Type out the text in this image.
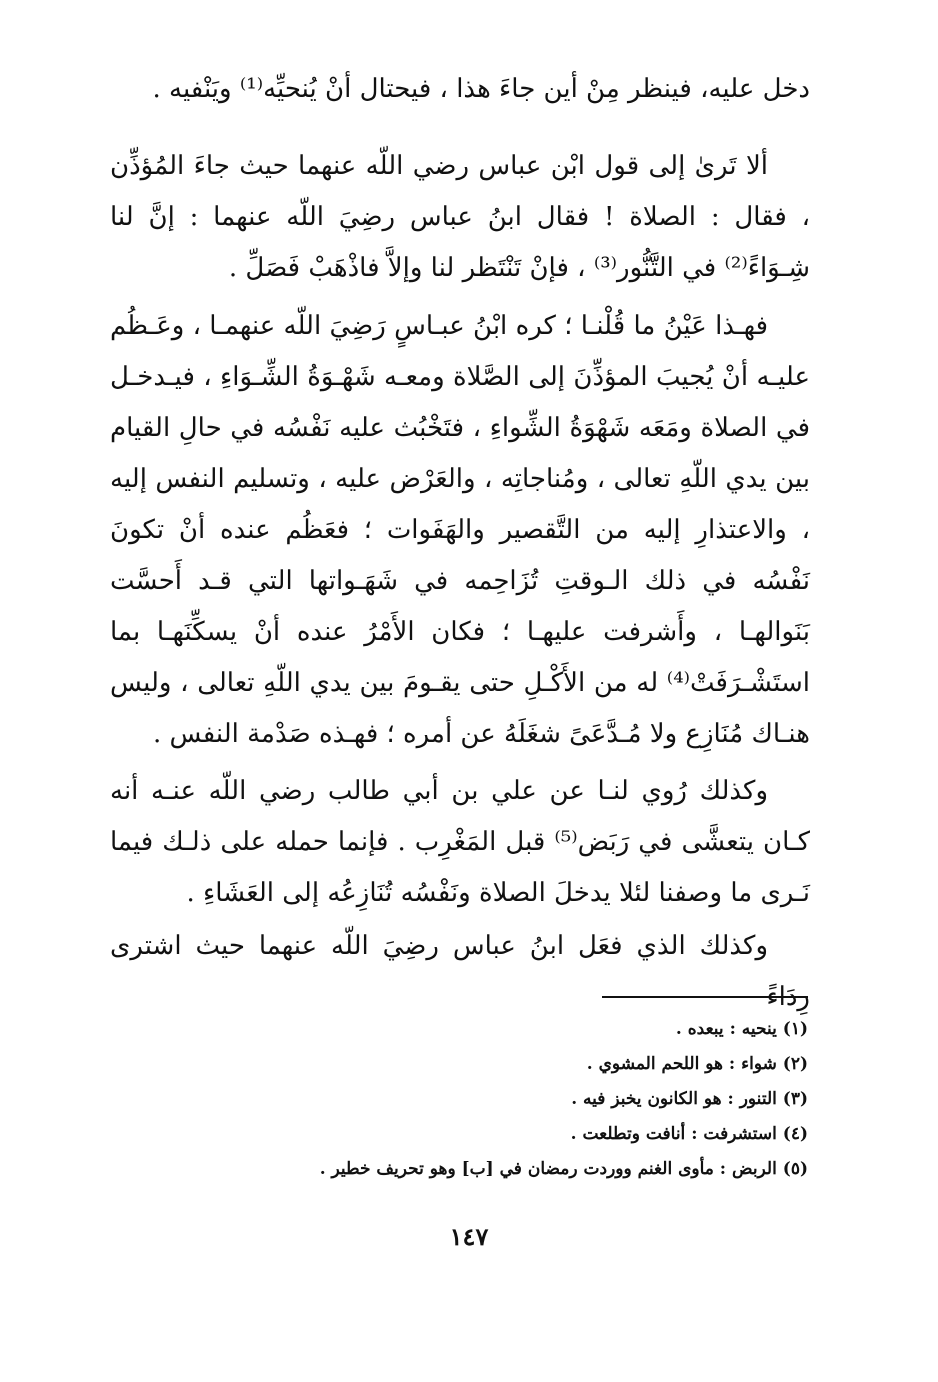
دخل عليه، فينظر مِنْ أين جاءَ هذا ، فيحتال أنْ يُنحيِّه⁽¹⁾ ويَنْفيه .

ألا تَرىٰ إلى قول ابْن عباس رضي اللّه عنهما حيث جاءَ المُؤذِّن ، فقال : الصلاة ! فقال ابنُ عباس رضِيَ اللّه عنهما : إنَّ لنا شِـوَاءً⁽²⁾ في التَّنُّور⁽³⁾ ، فإنْ تَنْتَظر لنا وإلاَّ فاذْهَبْ فَصَلِّ .

فهـذا عَيْنُ ما قُلْنـا ؛ كره ابْنُ عبـاسٍ رَضِيَ اللّه عنهمـا ، وعَـظُم عليـه أنْ يُجيبَ المؤذِّنَ إلى الصَّلاة ومعـه شَهْـوَةُ الشِّـوَاءِ ، فيـدخـل في الصلاة ومَعَه شَهْوَةُ الشِّواءِ ، فتَخْبُث عليه نَفْسُه في حالِ القيام بين يدي اللّهِ تعالى ، ومُناجاتِه ، والعَرْض عليه ، وتسليم النفس إليه ، والاعتذارِ إليه من التَّقصير والهَفَوات ؛ فعَظُم عنده أنْ تكونَ نَفْسُه في ذلك الـوقتِ تُزَاحِمه في شَهَـواتها التي قـد أَحسَّت بَنَوالهـا ، وأَشرفت عليهـا ؛ فكان الأَمْرُ عنده أنْ يسكِّنَهـا بما استَشْـرَفَتْ⁽⁴⁾ له من الأَكْـلِ حتى يقـومَ بين يدي اللّهِ تعالى ، وليس هنـاك مُنَازِع ولا مُـدَّعَىً شغَلَهُ عن أمره ؛ فهـذه صَدْمة النفس .

وكذلك رُوي لنـا عن علي بن أبي طالب رضي اللّه عنـه أنه كـان يتعشَّى في رَبَض⁽⁵⁾ قبل المَغْرِب . فإنما حمله على ذلـك فيما نَـرى ما وصفنا لئلا يدخلَ الصلاة ونَفْسُه تُنَازِعُه إلى العَشَاءِ .

وكذلك الذي فعَل ابنُ عباس رضِيَ اللّه عنهما حيث اشترى رِدَاءً

(١) ينحيه : يبعده .
(٢) شواء : هو اللحم المشوي .
(٣) التنور : هو الكانون يخبز فيه .
(٤) استشرفت : أنافت وتطلعت .
(٥) الربض : مأوى الغنم ووردت رمضان في [ب] وهو تحريف خطير .
١٤٧
